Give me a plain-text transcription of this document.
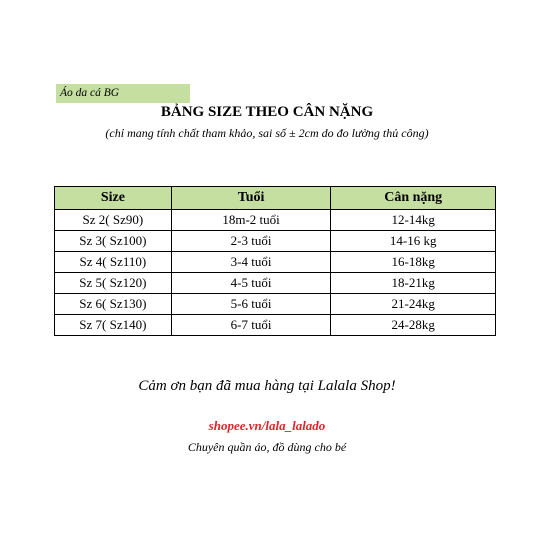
Áo da cá BG
BẢNG SIZE THEO CÂN NẶNG
(chỉ mang tính chất tham khảo, sai số ± 2cm do đo lường thủ công)
Size	Tuổi	Cân nặng
Sz 2( Sz90)	18m-2 tuổi	12-14kg
Sz 3( Sz100)	2-3 tuổi	14-16 kg
Sz 4( Sz110)	3-4 tuổi	16-18kg
Sz 5( Sz120)	4-5 tuổi	18-21kg
Sz 6( Sz130)	5-6 tuổi	21-24kg
Sz 7( Sz140)	6-7 tuổi	24-28kg
Cảm ơn bạn đã mua hàng tại Lalala Shop!
shopee.vn/lala_lalado
Chuyên quần áo, đồ dùng cho bé
